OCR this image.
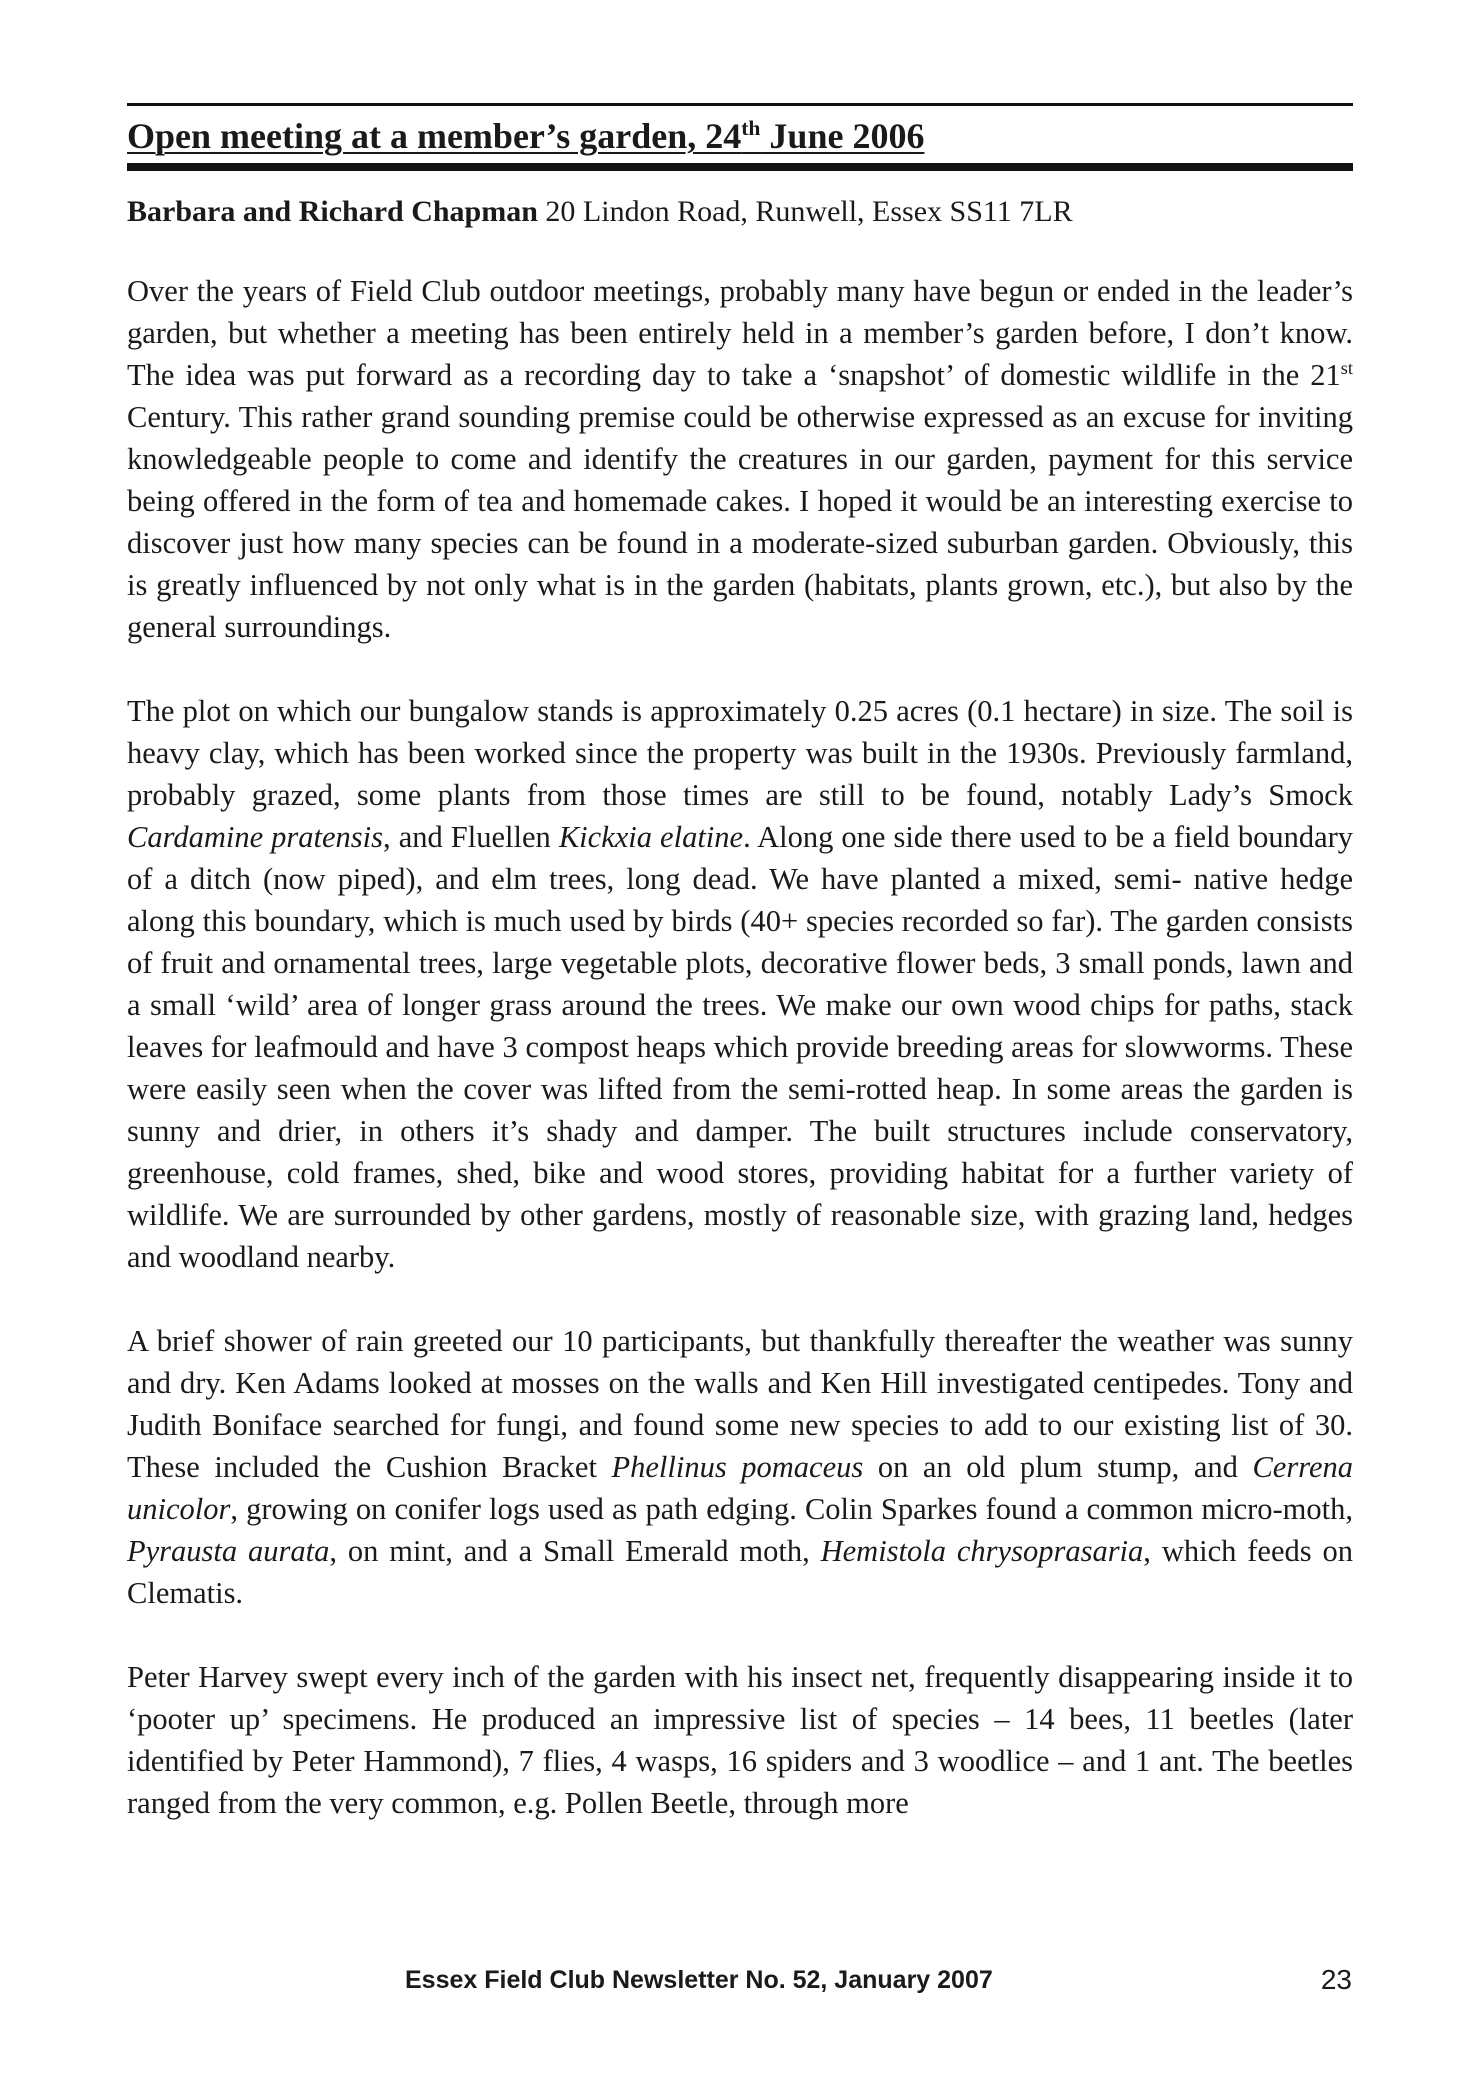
Open meeting at a member’s garden, 24th June 2006

Barbara and Richard Chapman 20 Lindon Road, Runwell, Essex SS11 7LR

Over the years of Field Club outdoor meetings, probably many have begun or ended in the leader’s garden, but whether a meeting has been entirely held in a member’s garden before, I don’t know. The idea was put forward as a recording day to take a ‘snapshot’ of domestic wildlife in the 21st Century. This rather grand sounding premise could be otherwise expressed as an excuse for inviting knowledgeable people to come and identify the creatures in our garden, payment for this service being offered in the form of tea and homemade cakes. I hoped it would be an interesting exercise to discover just how many species can be found in a moderate-sized suburban garden. Obviously, this is greatly influenced by not only what is in the garden (habitats, plants grown, etc.), but also by the general surroundings.

The plot on which our bungalow stands is approximately 0.25 acres (0.1 hectare) in size. The soil is heavy clay, which has been worked since the property was built in the 1930s. Previously farmland, probably grazed, some plants from those times are still to be found, notably Lady’s Smock Cardamine pratensis, and Fluellen Kickxia elatine. Along one side there used to be a field boundary of a ditch (now piped), and elm trees, long dead. We have planted a mixed, semi- native hedge along this boundary, which is much used by birds (40+ species recorded so far). The garden consists of fruit and ornamental trees, large vegetable plots, decorative flower beds, 3 small ponds, lawn and a small ‘wild’ area of longer grass around the trees. We make our own wood chips for paths, stack leaves for leafmould and have 3 compost heaps which provide breeding areas for slowworms. These were easily seen when the cover was lifted from the semi-rotted heap. In some areas the garden is sunny and drier, in others it’s shady and damper. The built structures include conservatory, greenhouse, cold frames, shed, bike and wood stores, providing habitat for a further variety of wildlife. We are surrounded by other gardens, mostly of reasonable size, with grazing land, hedges and woodland nearby.

A brief shower of rain greeted our 10 participants, but thankfully thereafter the weather was sunny and dry. Ken Adams looked at mosses on the walls and Ken Hill investigated centipedes. Tony and Judith Boniface searched for fungi, and found some new species to add to our existing list of 30. These included the Cushion Bracket Phellinus pomaceus on an old plum stump, and Cerrena unicolor, growing on conifer logs used as path edging. Colin Sparkes found a common micro-moth, Pyrausta aurata, on mint, and a Small Emerald moth, Hemistola chrysoprasaria, which feeds on Clematis.

Peter Harvey swept every inch of the garden with his insect net, frequently disappearing inside it to ‘pooter up’ specimens. He produced an impressive list of species – 14 bees, 11 beetles (later identified by Peter Hammond), 7 flies, 4 wasps, 16 spiders and 3 woodlice – and 1 ant. The beetles ranged from the very common, e.g. Pollen Beetle, through more

Essex Field Club Newsletter No. 52, January 2007	23
